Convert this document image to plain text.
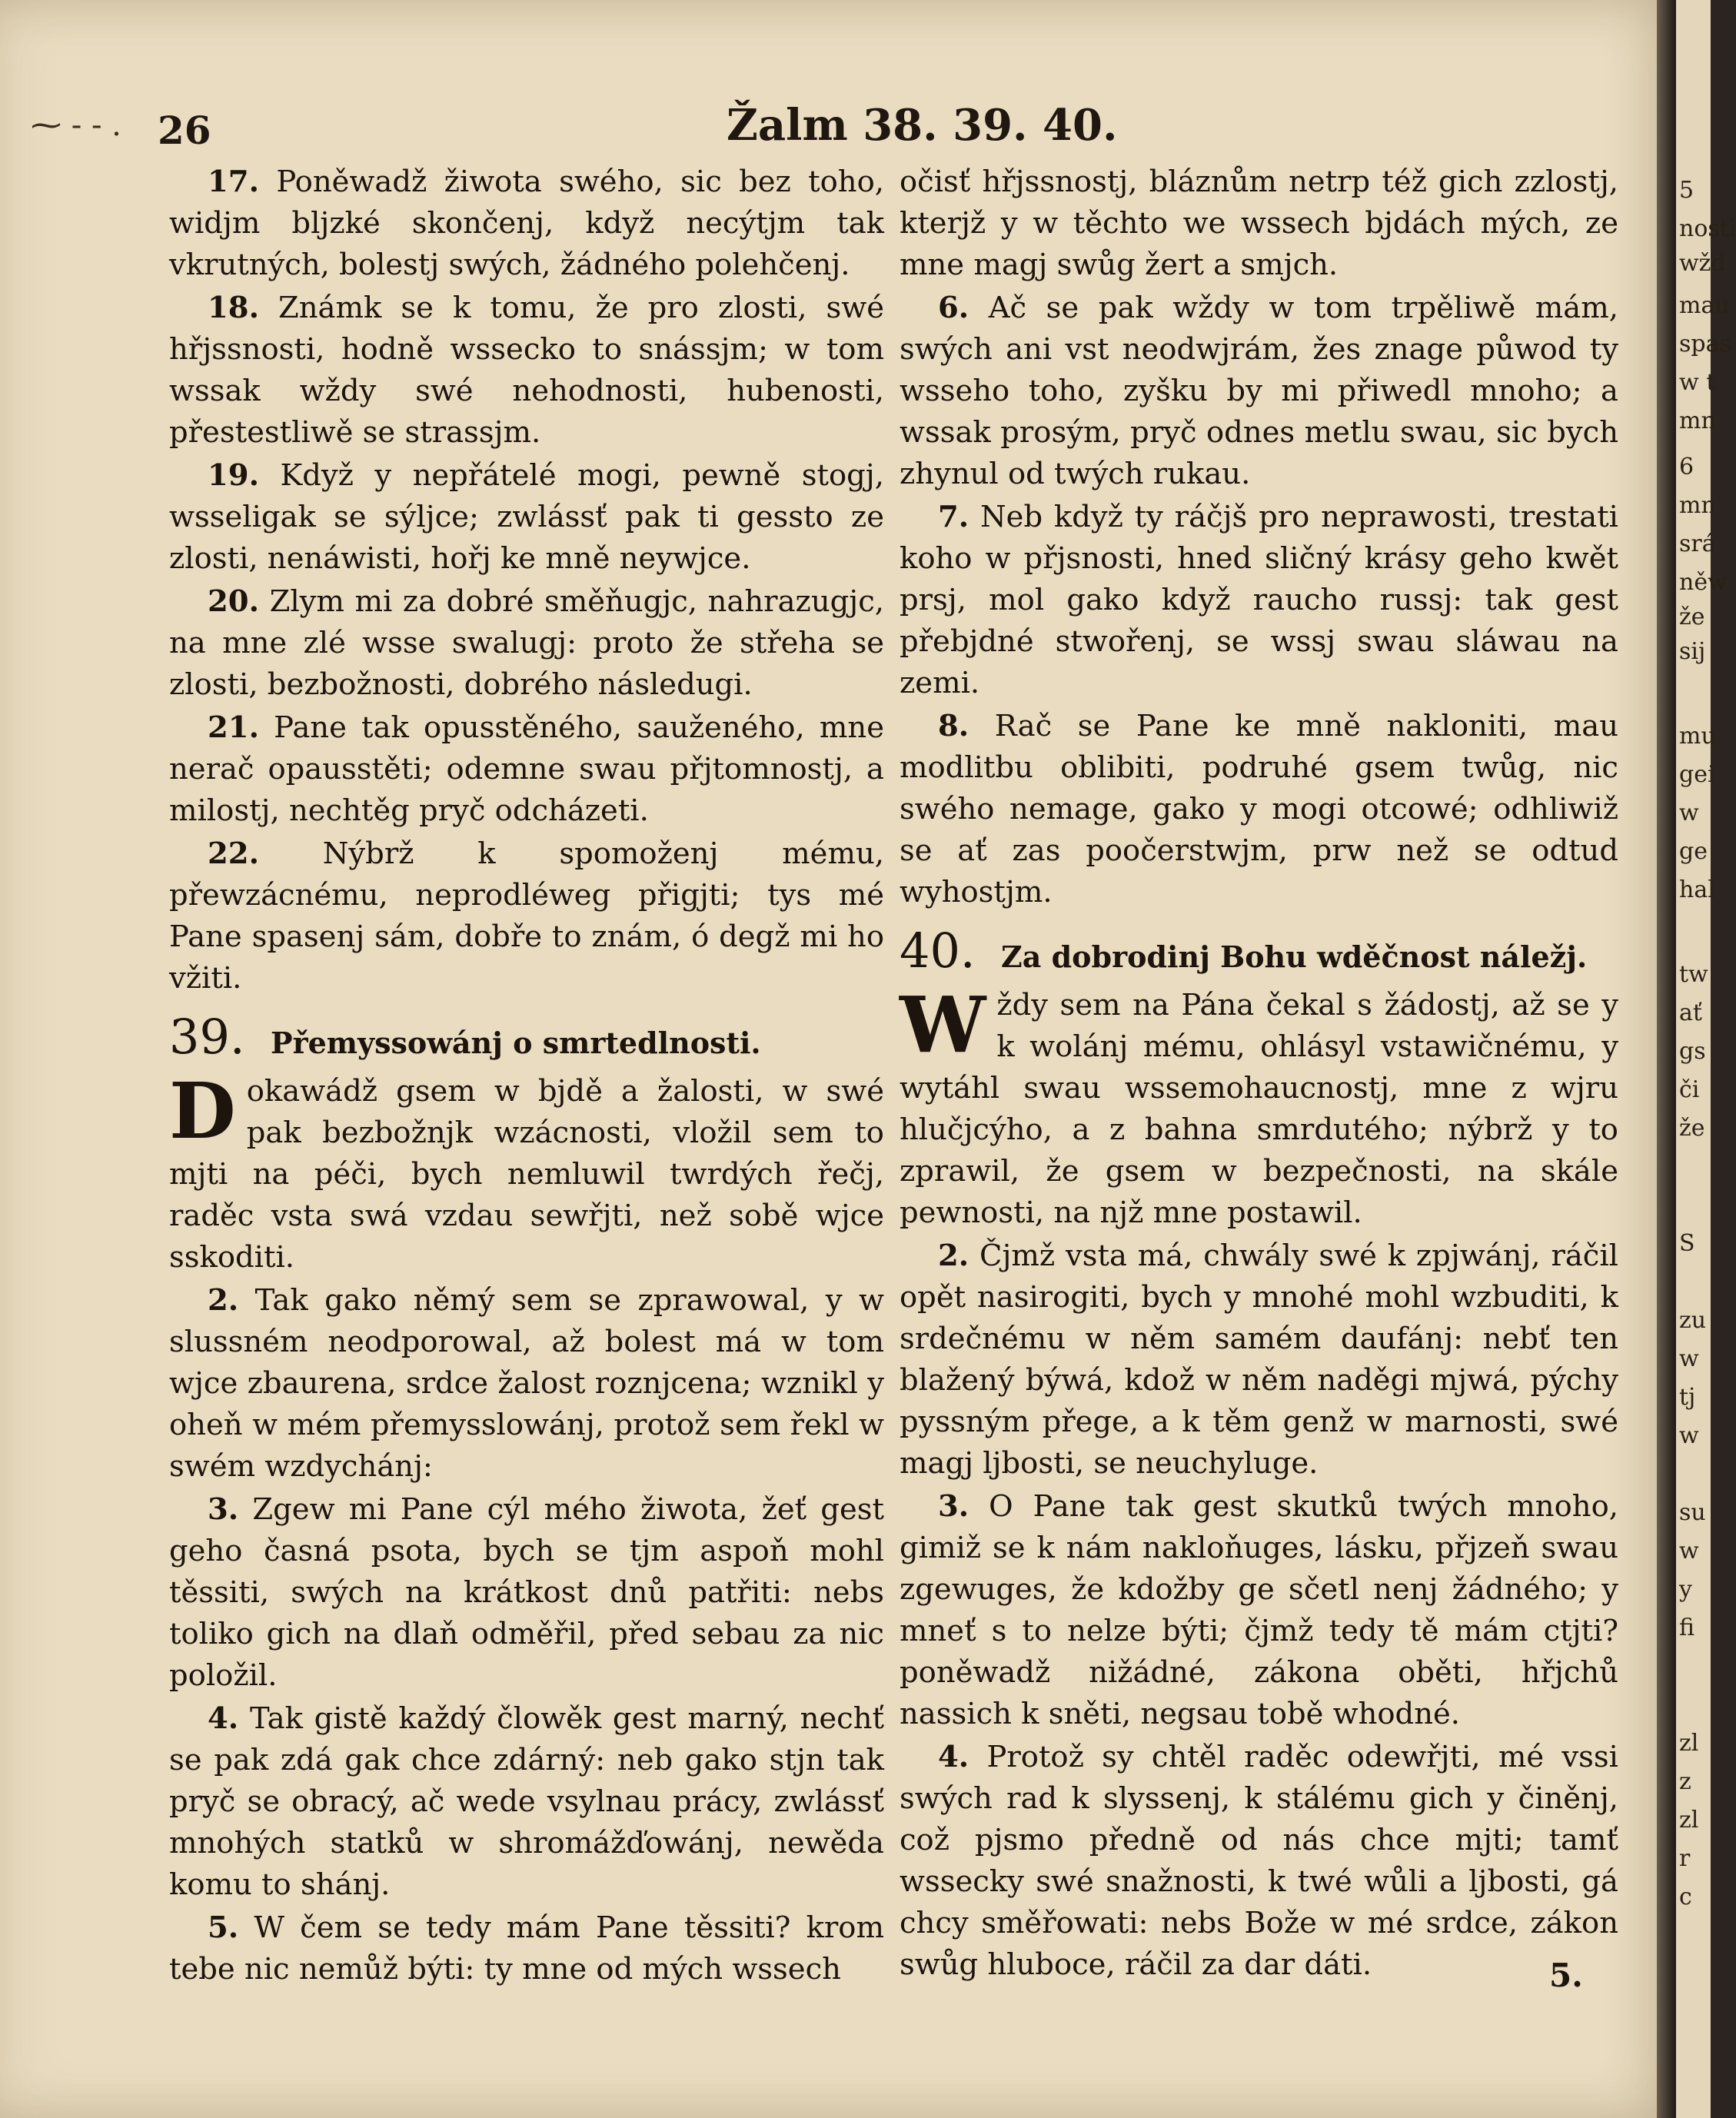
⁓ - - . 26	Žalm 38. 39. 40.

17. Poněwadž žiwota swého, sic bez toho, widjm bljzké skončenj, když necýtjm tak vkrutných, bolestj swých, žádného polehčenj.

18. Známk se k tomu, že pro zlosti, swé hřjssnosti, hodně wssecko to snássjm; w tom wssak wždy swé nehodnosti, hubenosti, přestestliwě se strassjm.

19. Když y nepřátelé mogi, pewně stogj, wsseligak se sýljce; zwlássť pak ti gessto ze zlosti, nenáwisti, hořj ke mně neywjce.

20. Zlym mi za dobré směňugjc, nahrazugjc, na mne zlé wsse swalugj: proto že střeha se zlosti, bezbožnosti, dobrého následugi.

21. Pane tak opusstěného, sauženého, mne nerač opausstěti; odemne swau přjtomnostj, a milostj, nechtěg pryč odcházeti.

22. Nýbrž k spomoženj mému, přewzácnému, neprodléweg přigjti; tys mé Pane spasenj sám, dobře to znám, ó degž mi ho vžiti.

39. Přemyssowánj o smrtedlnosti.

Dokawádž gsem w bjdě a žalosti, w swé pak bezbožnjk wzácnosti, vložil sem to mjti na péči, bych nemluwil twrdých řečj, raděc vsta swá vzdau sewřjti, než sobě wjce sskoditi.

2. Tak gako němý sem se zprawowal, y w slussném neodporowal, až bolest má w tom wjce zbaurena, srdce žalost roznjcena; wznikl y oheň w mém přemysslowánj, protož sem řekl w swém wzdychánj:

3. Zgew mi Pane cýl mého žiwota, žeť gest geho časná psota, bych se tjm aspoň mohl těssiti, swých na krátkost dnů patřiti: nebs toliko gich na dlaň odměřil, před sebau za nic položil.

4. Tak gistě každý člowěk gest marný, nechť se pak zdá gak chce zdárný: neb gako stjn tak pryč se obracý, ač wede vsylnau prácy, zwlássť mnohých statků w shromážďowánj, newěda komu to shánj.

5. W čem se tedy mám Pane těssiti? krom tebe nic nemůž býti: ty mne od mých wssech

očisť hřjssnostj, bláznům netrp též gich zzlostj, kterjž y w těchto we wssech bjdách mých, ze mne magj swůg žert a smjch.

6. Ač se pak wždy w tom trpěliwě mám, swých ani vst neodwjrám, žes znage půwod ty wsseho toho, zyšku by mi přiwedl mnoho; a wssak prosým, pryč odnes metlu swau, sic bych zhynul od twých rukau.

7. Neb když ty ráčjš pro neprawosti, trestati koho w přjsnosti, hned sličný krásy geho kwět prsj, mol gako když raucho russj: tak gest přebjdné stwořenj, se wssj swau sláwau na zemi.

8. Rač se Pane ke mně nakloniti, mau modlitbu oblibiti, podruhé gsem twůg, nic swého nemage, gako y mogi otcowé; odhliwiž se ať zas poočerstwjm, prw než se odtud wyhostjm.

40. Za dobrodinj Bohu wděčnost náležj.

Wždy sem na Pána čekal s žádostj, až se y k wolánj mému, ohlásyl vstawičnému, y wytáhl swau wssemohaucnostj, mne z wjru hlučjcýho, a z bahna smrdutého; nýbrž y to zprawil, že gsem w bezpečnosti, na skále pewnosti, na njž mne postawil.

2. Čjmž vsta má, chwály swé k zpjwánj, ráčil opět nasirogiti, bych y mnohé mohl wzbuditi, k srdečnému w něm samém daufánj: nebť ten blažený býwá, kdož w něm naděgi mjwá, pýchy pyssným přege, a k těm genž w marnosti, swé magj ljbosti, se neuchyluge.

3. O Pane tak gest skutků twých mnoho, gimiž se k nám nakloňuges, lásku, přjzeň swau zgewuges, že kdožby ge sčetl nenj žádného; y mneť s to nelze býti; čjmž tedy tě mám ctjti? poněwadž nižádné, zákona oběti, hřjchů nassich k sněti, negsau tobě whodné.

4. Protož sy chtěl raděc odewřjti, mé vssi swých rad k slyssenj, k stálému gich y činěnj, což pjsmo předně od nás chce mjti; tamť wssecky swé snažnosti, k twé wůli a ljbosti, gá chcy směřowati: nebs Bože w mé srdce, zákon swůg hluboce, ráčil za dar dáti.	5.
5
nosti
wžd
mau
spas
w t
mn
6
mn
srá
něw
že
sij
mu
gei
w
ge
hal
tw
ať
gs
či
že
S
zu
w
tj
w
su
w
y
fi
zl
z
zl
r
c
